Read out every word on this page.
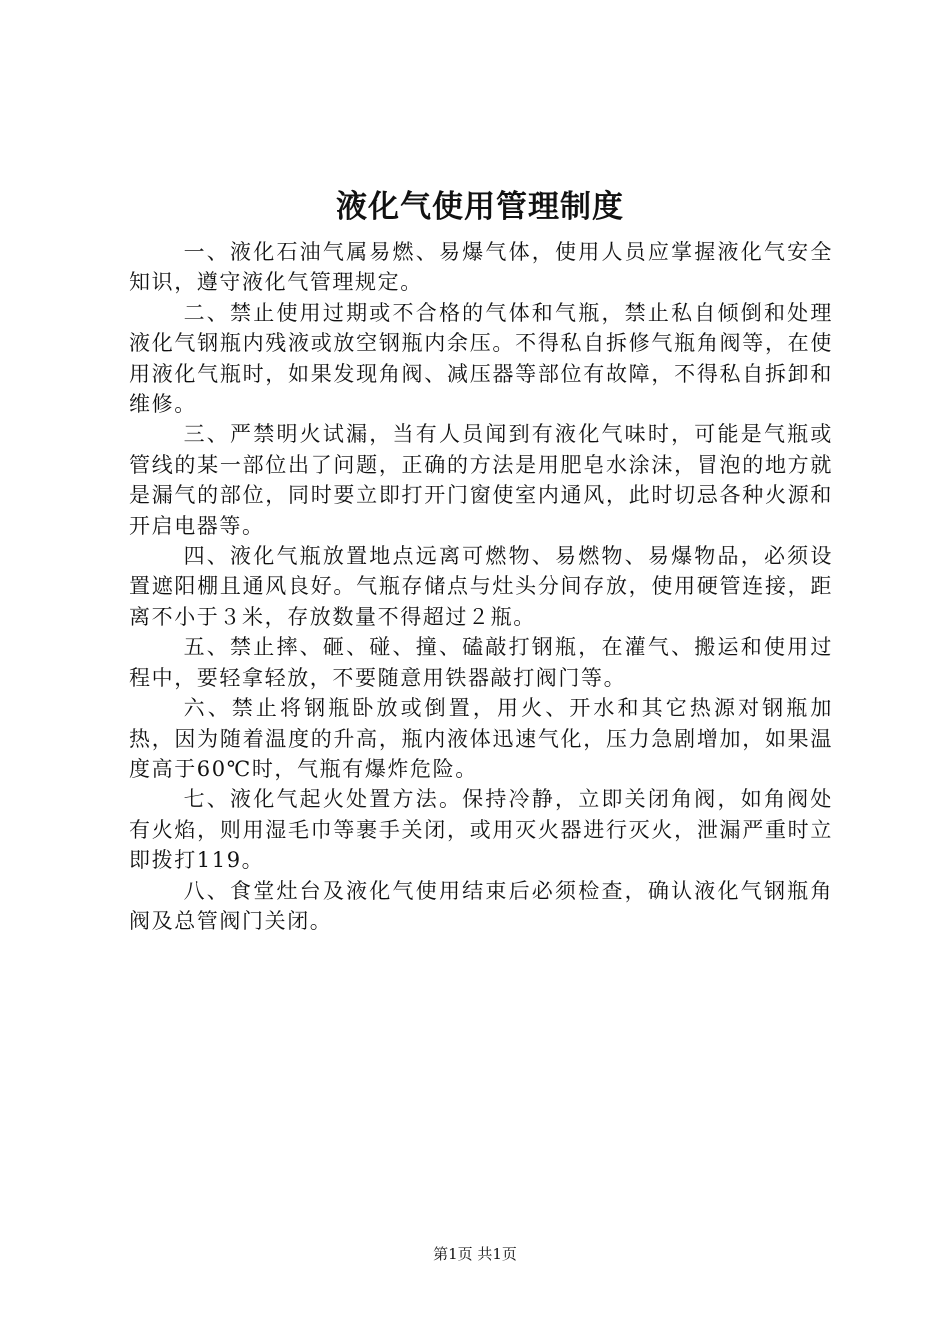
液化气使用管理制度

一、液化石油气属易燃、易爆气体，使用人员应掌握液化气安全知识，遵守液化气管理规定。

二、禁止使用过期或不合格的气体和气瓶，禁止私自倾倒和处理液化气钢瓶内残液或放空钢瓶内余压。不得私自拆修气瓶角阀等，在使用液化气瓶时，如果发现角阀、减压器等部位有故障，不得私自拆卸和维修。

三、严禁明火试漏，当有人员闻到有液化气味时，可能是气瓶或管线的某一部位出了问题，正确的方法是用肥皂水涂沫，冒泡的地方就是漏气的部位，同时要立即打开门窗使室内通风，此时切忌各种火源和开启电器等。

四、液化气瓶放置地点远离可燃物、易燃物、易爆物品，必须设置遮阳棚且通风良好。气瓶存储点与灶头分间存放，使用硬管连接，距离不小于３米，存放数量不得超过２瓶。

五、禁止摔、砸、碰、撞、磕敲打钢瓶，在灌气、搬运和使用过程中，要轻拿轻放，不要随意用铁器敲打阀门等。

六、禁止将钢瓶卧放或倒置，用火、开水和其它热源对钢瓶加热，因为随着温度的升高，瓶内液体迅速气化，压力急剧增加，如果温度高于60℃时，气瓶有爆炸危险。

七、液化气起火处置方法。保持冷静，立即关闭角阀，如角阀处有火焰，则用湿毛巾等裹手关闭，或用灭火器进行灭火，泄漏严重时立即拨打119。

八、食堂灶台及液化气使用结束后必须检查，确认液化气钢瓶角阀及总管阀门关闭。

第1页 共1页
